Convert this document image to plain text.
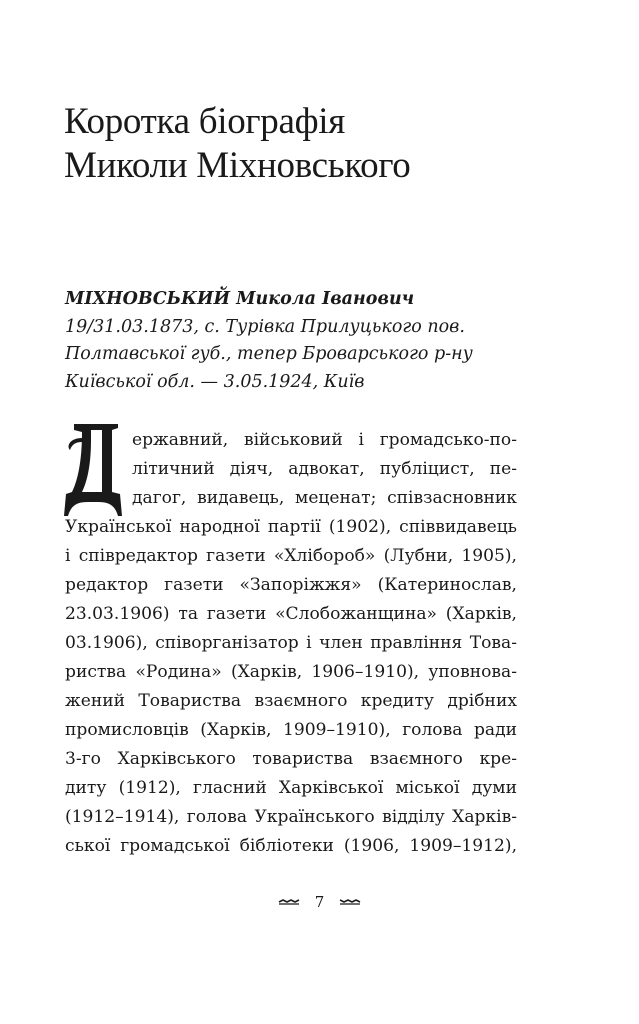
Коротка біографія
Миколи Міхновського
МІХНОВСЬКИЙ Микола Іванович
19/31.03.1873, с. Турівка Прилуцького пов.
Полтавської губ., тепер Броварського р-ну
Київської обл. — 3.05.1924, Київ
ержавний, військовий і громадсько-по-
літичний діяч, адвокат, публіцист, пе-
дагог, видавець, меценат; співзасновник
Української народної партії (1902), співвидавець
і співредактор газети «Хлібороб» (Лубни, 1905),
редактор газети «Запоріжжя» (Катеринослав,
23.03.1906) та газети «Слобожанщина» (Харків,
03.1906), співорганізатор і член правління Това-
риства «Родина» (Харків, 1906–1910), уповнова-
жений Товариства взаємного кредиту дрібних
промисловців (Харків, 1909–1910), голова ради
3-го Харківського товариства взаємного кре-
диту (1912), гласний Харківської міської думи
(1912–1914), голова Українського відділу Харків-
ської громадської бібліотеки (1906, 1909–1912),
7
